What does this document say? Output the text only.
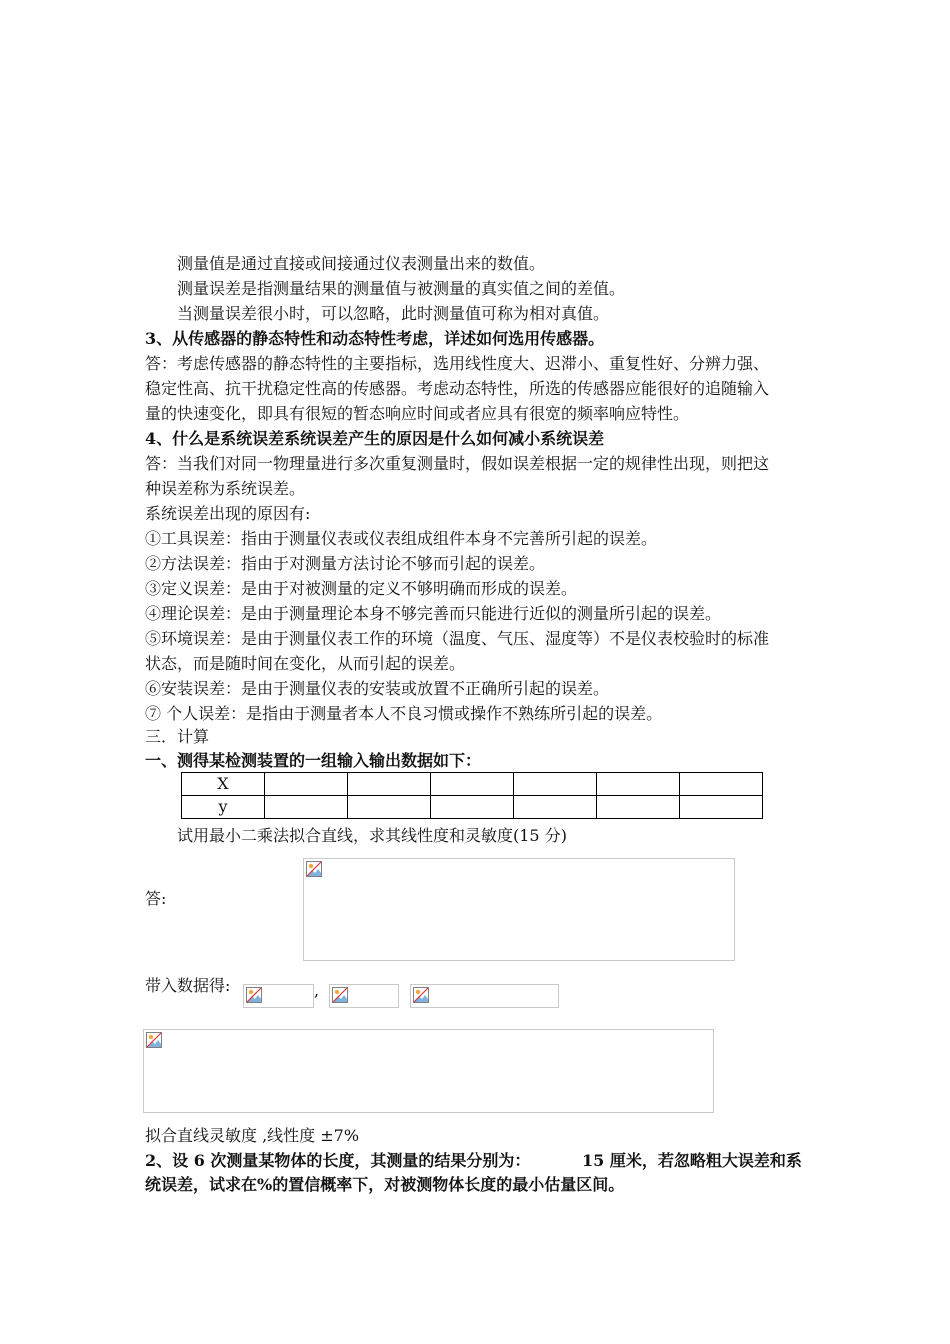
测量值是通过直接或间接通过仪表测量出来的数值。
测量误差是指测量结果的测量值与被测量的真实值之间的差值。
当测量误差很小时，可以忽略，此时测量值可称为相对真值。
3、从传感器的静态特性和动态特性考虑，详述如何选用传感器。
答：考虑传感器的静态特性的主要指标，选用线性度大、迟滞小、重复性好、分辨力强、
稳定性高、抗干扰稳定性高的传感器。考虑动态特性，所选的传感器应能很好的追随输入
量的快速变化，即具有很短的暂态响应时间或者应具有很宽的频率响应特性。
4、什么是系统误差系统误差产生的原因是什么如何减小系统误差
答：当我们对同一物理量进行多次重复测量时，假如误差根据一定的规律性出现，则把这
种误差称为系统误差。
系统误差出现的原因有:
①工具误差：指由于测量仪表或仪表组成组件本身不完善所引起的误差。
②方法误差：指由于对测量方法讨论不够而引起的误差。
③定义误差：是由于对被测量的定义不够明确而形成的误差。
④理论误差：是由于测量理论本身不够完善而只能进行近似的测量所引起的误差。
⑤环境误差：是由于测量仪表工作的环境（温度、气压、湿度等）不是仪表校验时的标准
状态，而是随时间在变化，从而引起的误差。
⑥安装误差：是由于测量仪表的安装或放置不正确所引起的误差。
⑦ 个人误差：是指由于测量者本人不良习惯或操作不熟练所引起的误差。
三．计算
一、测得某检测装置的一组输入输出数据如下：
X						
y						
试用最小二乘法拟合直线，求其线性度和灵敏度(15 分)
答:
带入数据得:	,
拟合直线灵敏度 ,线性度 ±7%
2、设 6 次测量某物体的长度，其测量的结果分别为：	15 厘米，若忽略粗大误差和系
统误差，试求在%的置信概率下，对被测物体长度的最小估量区间。
